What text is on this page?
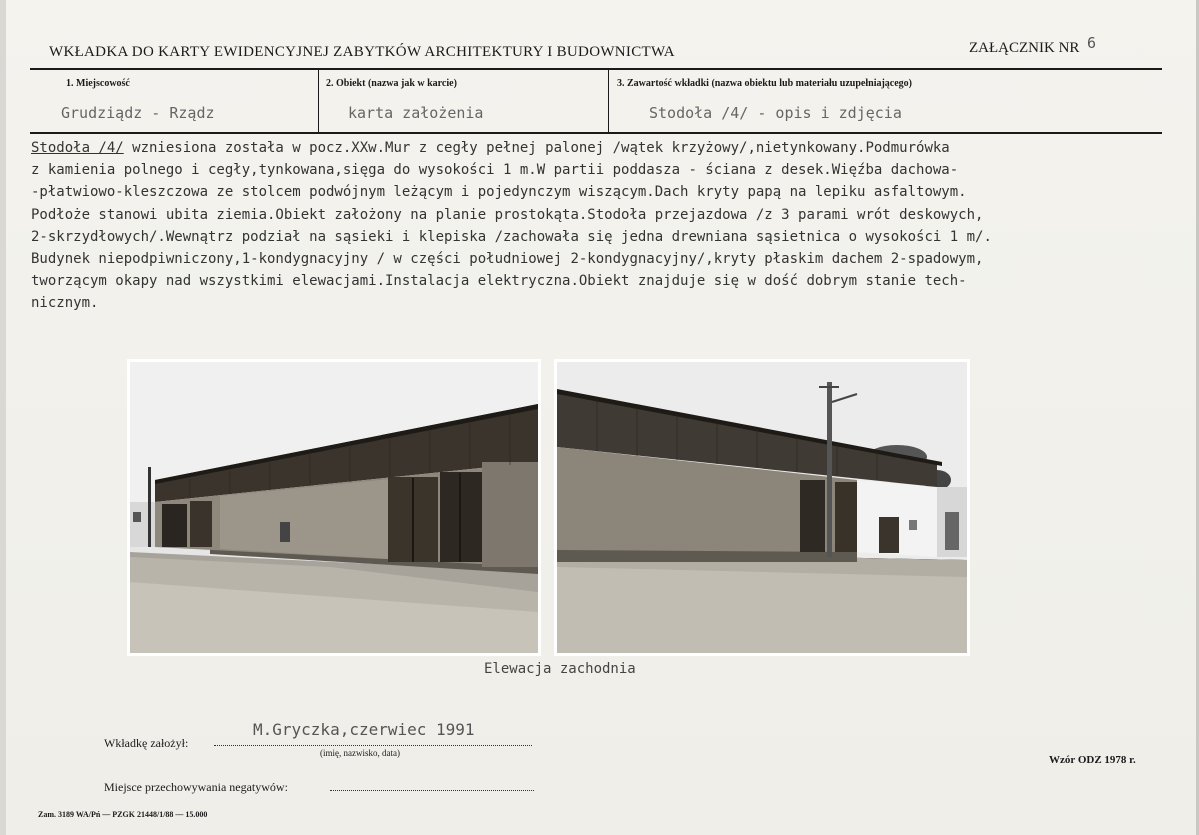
WKŁADKA DO KARTY EWIDENCYJNEJ ZABYTKÓW ARCHITEKTURY I BUDOWNICTWA	ZAŁĄCZNIK NR 6
1. Miejscowość
Grudziądz - Rządz
2. Obiekt (nazwa jak w karcie)
karta założenia
3. Zawartość wkładki (nazwa obiektu lub materiału uzupełniającego)
Stodoła /4/ - opis i zdjęcia
Stodoła /4/ wzniesiona została w pocz.XXw.Mur z cegły pełnej palonej /wątek krzyżowy/,nietynkowany.Podmurówka
z kamienia polnego i cegły,tynkowana,sięga do wysokości 1 m.W partii poddasza - ściana z desek.Więźba dachowa-
-płatwiowo-kleszczowa ze stolcem podwójnym leżącym i pojedynczym wiszącym.Dach kryty papą na lepiku asfaltowym.
Podłoże stanowi ubita ziemia.Obiekt założony na planie prostokąta.Stodoła przejazdowa /z 3 parami wrót deskowych,
2-skrzydłowych/.Wewnątrz podział na sąsieki i klepiska /zachowała się jedna drewniana sąsietnica o wysokości 1 m/.
Budynek niepodpiwniczony,1-kondygnacyjny / w części południowej 2-kondygnacyjny/,kryty płaskim dachem 2-spadowym,
tworzącym okapy nad wszystkimi elewacjami.Instalacja elektryczna.Obiekt znajduje się w dość dobrym stanie tech-
nicznym.
Elewacja zachodnia
Wkładkę założył:
M.Gryczka,czerwiec 1991
(imię, nazwisko, data)
Miejsce przechowywania negatywów:
Wzór ODZ 1978 r.
Zam. 3189 WA/Pń — PZGK 21448/1/88 — 15.000
